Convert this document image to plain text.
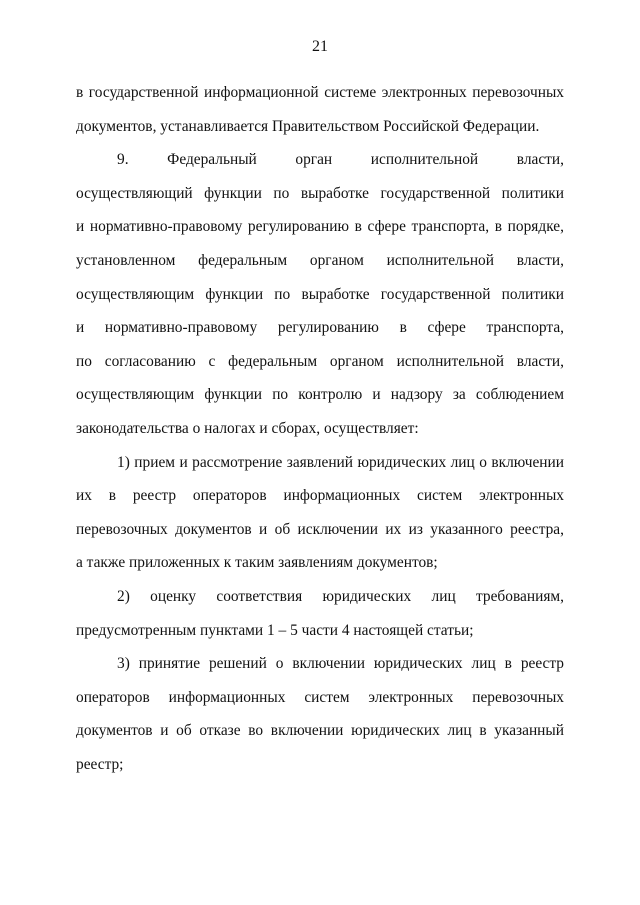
21
в государственной информационной системе электронных перевозочных
документов, устанавливается Правительством Российской Федерации.
9. Федеральный орган исполнительной власти,
осуществляющий функции по выработке государственной политики
и нормативно-правовому регулированию в сфере транспорта, в порядке,
установленном федеральным органом исполнительной власти,
осуществляющим функции по выработке государственной политики
и нормативно-правовому регулированию в сфере транспорта,
по согласованию с федеральным органом исполнительной власти,
осуществляющим функции по контролю и надзору за соблюдением
законодательства о налогах и сборах, осуществляет:
1) прием и рассмотрение заявлений юридических лиц о включении
их в реестр операторов информационных систем электронных
перевозочных документов и об исключении их из указанного реестра,
а также приложенных к таким заявлениям документов;
2) оценку соответствия юридических лиц требованиям,
предусмотренным пунктами 1 – 5 части 4 настоящей статьи;
3) принятие решений о включении юридических лиц в реестр
операторов информационных систем электронных перевозочных
документов и об отказе во включении юридических лиц в указанный
реестр;
